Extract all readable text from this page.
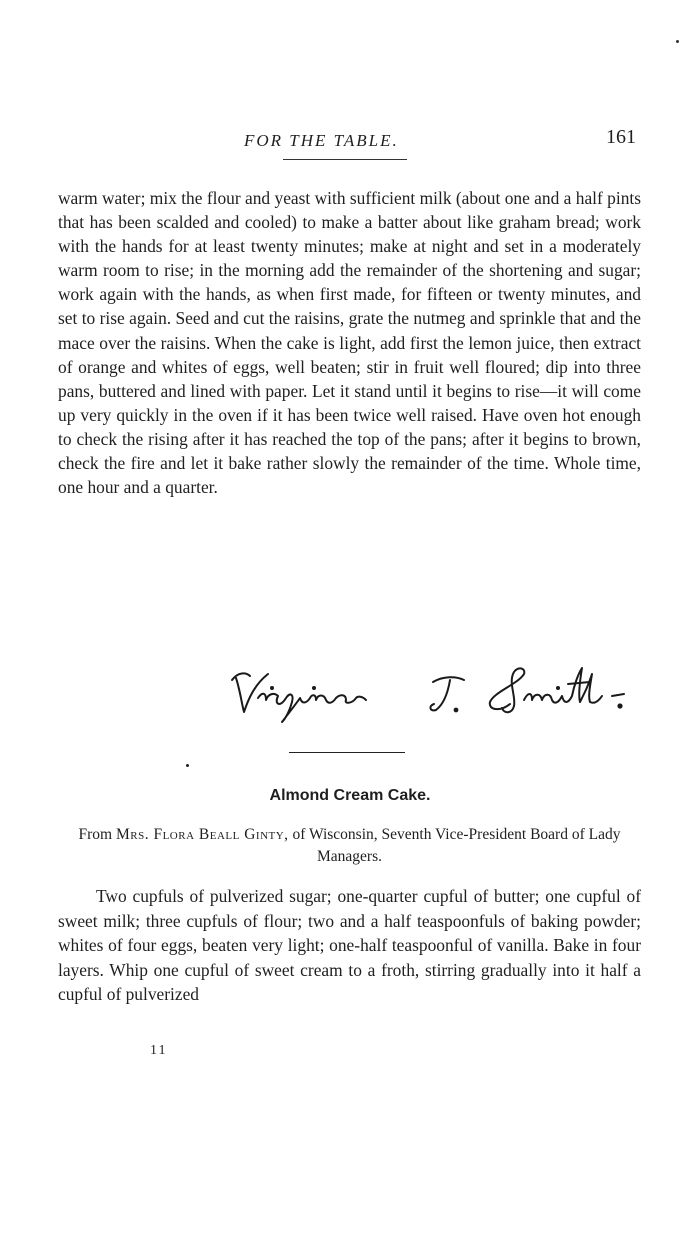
FOR THE TABLE.	161

warm water; mix the flour and yeast with sufficient milk (about one and a half pints that has been scalded and cooled) to make a batter about like graham bread; work with the hands for at least twenty minutes; make at night and set in a moderately warm room to rise; in the morning add the remainder of the shortening and sugar; work again with the hands, as when first made, for fifteen or twenty minutes, and set to rise again. Seed and cut the raisins, grate the nutmeg and sprinkle that and the mace over the raisins. When the cake is light, add first the lemon juice, then extract of orange and whites of eggs, well beaten; stir in fruit well floured; dip into three pans, buttered and lined with paper. Let it stand until it begins to rise—it will come up very quickly in the oven if it has been twice well raised. Have oven hot enough to check the rising after it has reached the top of the pans; after it begins to brown, check the fire and let it bake rather slowly the remainder of the time. Whole time, one hour and a quarter.

Almond Cream Cake.

From Mrs. Flora Beall Ginty, of Wisconsin, Seventh Vice-President Board of Lady Managers.

Two cupfuls of pulverized sugar; one-quarter cupful of butter; one cupful of sweet milk; three cupfuls of flour; two and a half teaspoonfuls of baking powder; whites of four eggs, beaten very light; one-half teaspoonful of vanilla. Bake in four layers. Whip one cupful of sweet cream to a froth, stirring gradually into it half a cupful of pulverized

11
